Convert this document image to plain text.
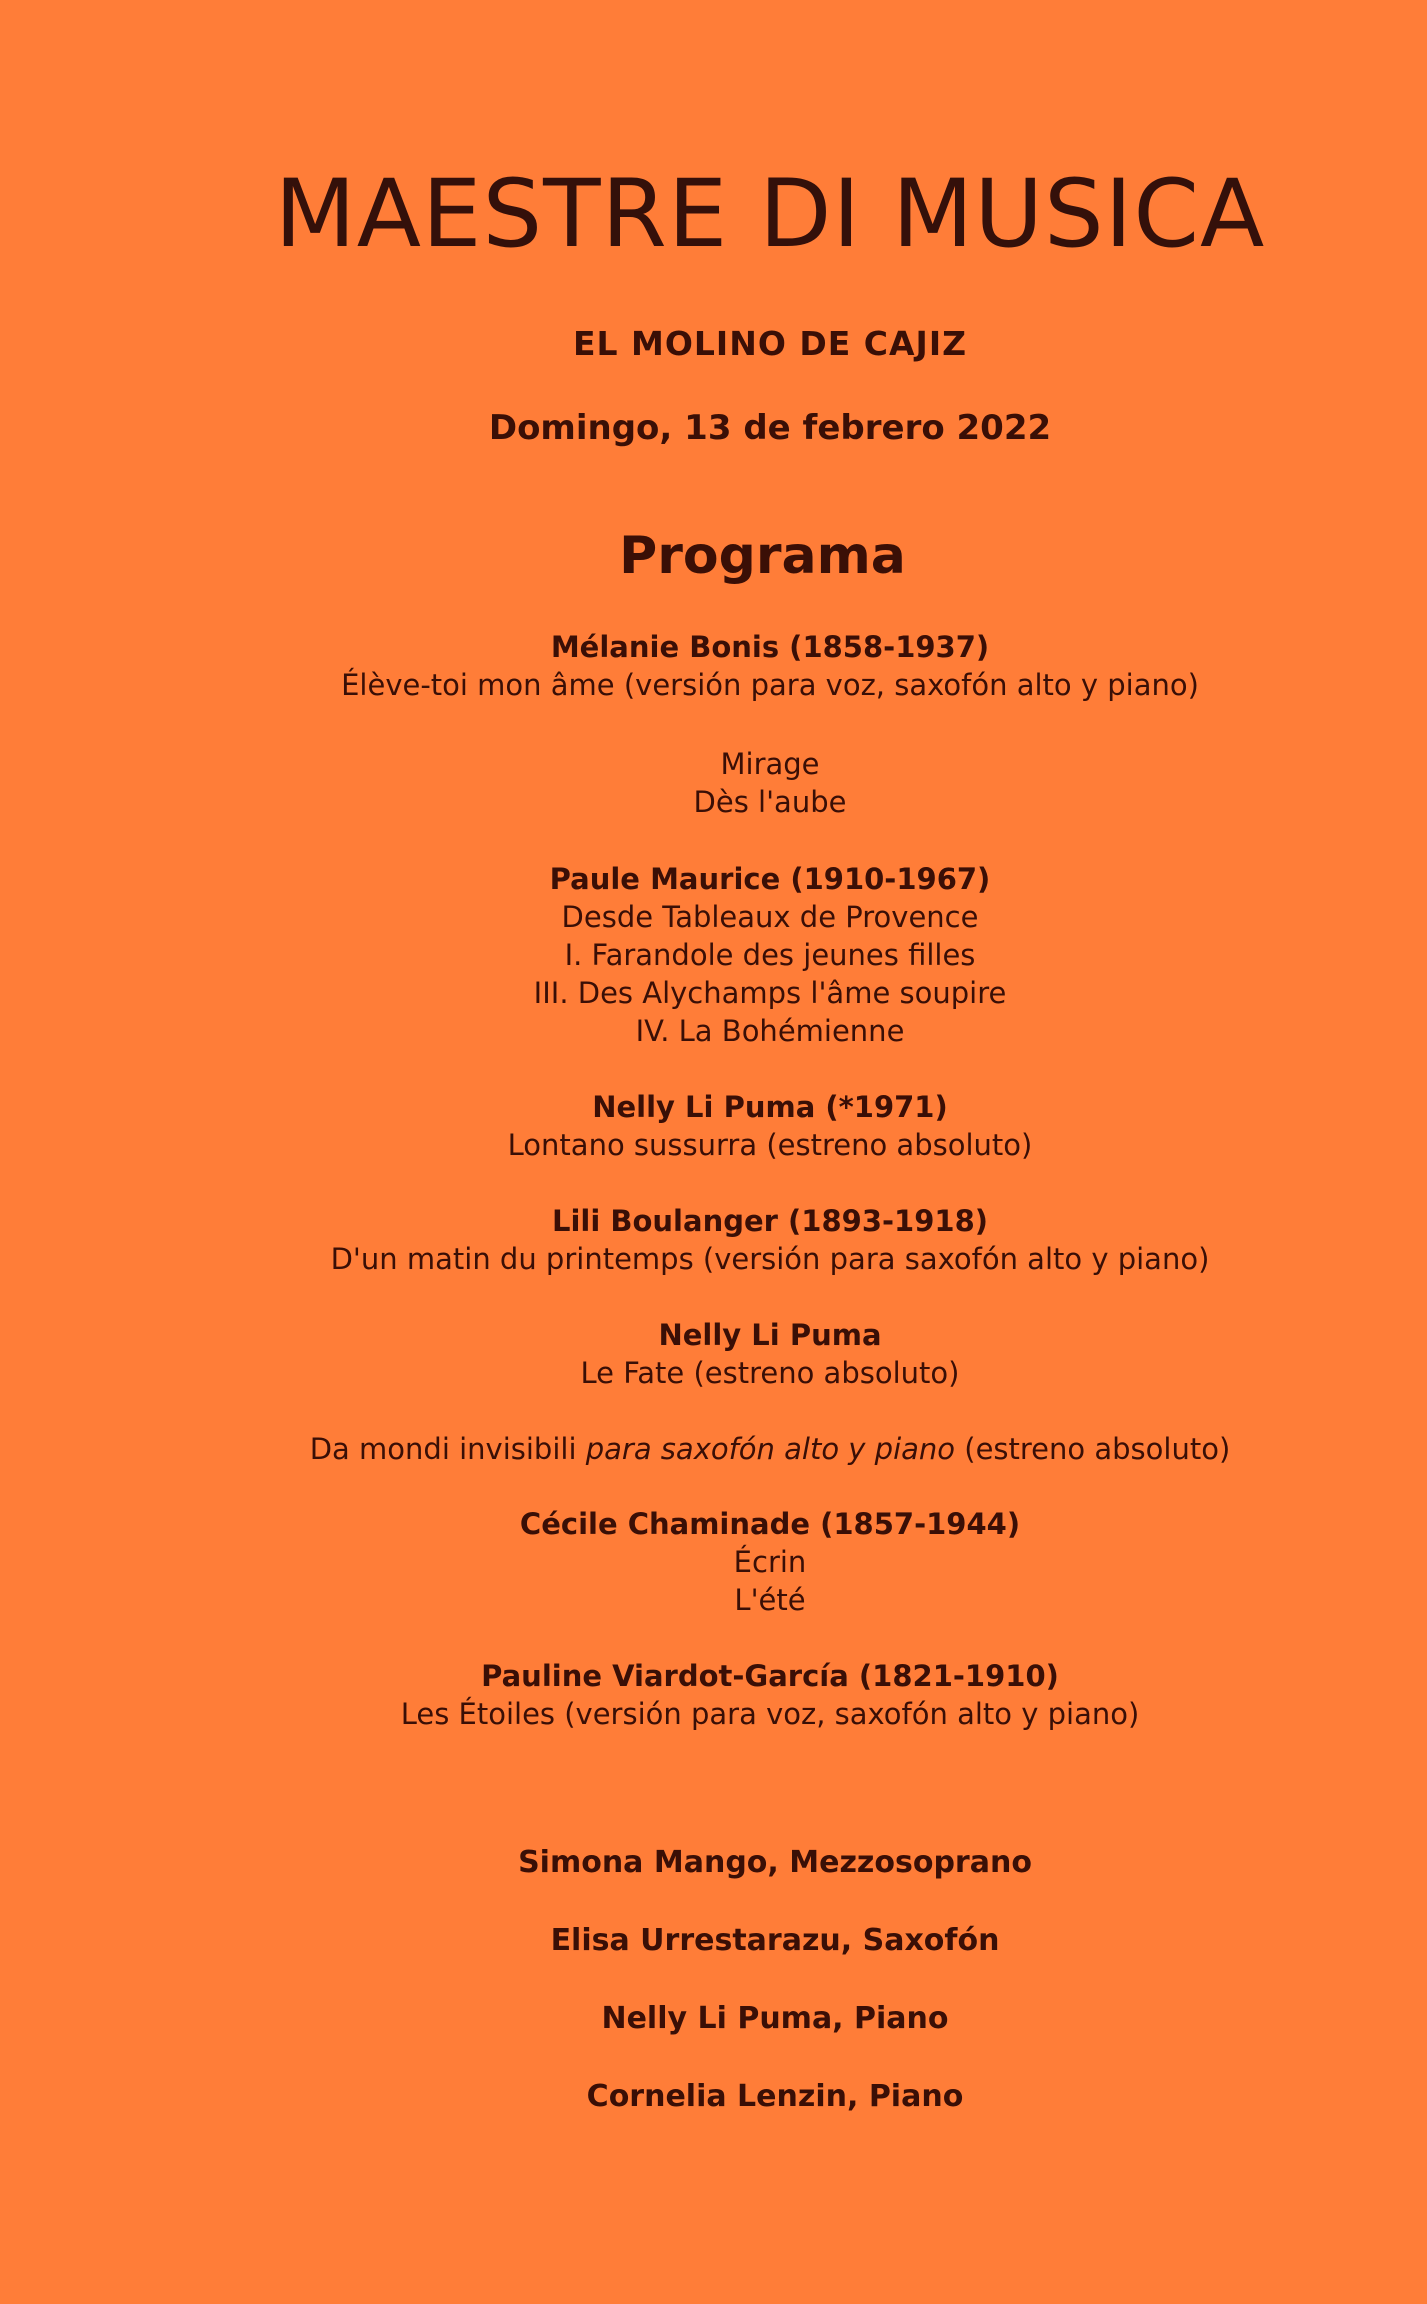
MAESTRE DI MUSICA
EL MOLINO DE CAJIZ
Domingo, 13 de febrero 2022
Programa
Mélanie Bonis (1858-1937)
Élève-toi mon âme (versión para voz, saxofón alto y piano)
Mirage
Dès l'aube
Paule Maurice (1910-1967)
Desde Tableaux de Provence
I. Farandole des jeunes filles
III. Des Alychamps l'âme soupire
IV. La Bohémienne
Nelly Li Puma (*1971)
Lontano sussurra (estreno absoluto)
Lili Boulanger (1893-1918)
D'un matin du printemps (versión para saxofón alto y piano)
Nelly Li Puma
Le Fate (estreno absoluto)
Da mondi invisibili para saxofón alto y piano (estreno absoluto)
Cécile Chaminade (1857-1944)
Écrin
L'été
Pauline Viardot-García (1821-1910)
Les Étoiles (versión para voz, saxofón alto y piano)
Simona Mango, Mezzosoprano
Elisa Urrestarazu, Saxofón
Nelly Li Puma, Piano
Cornelia Lenzin, Piano
